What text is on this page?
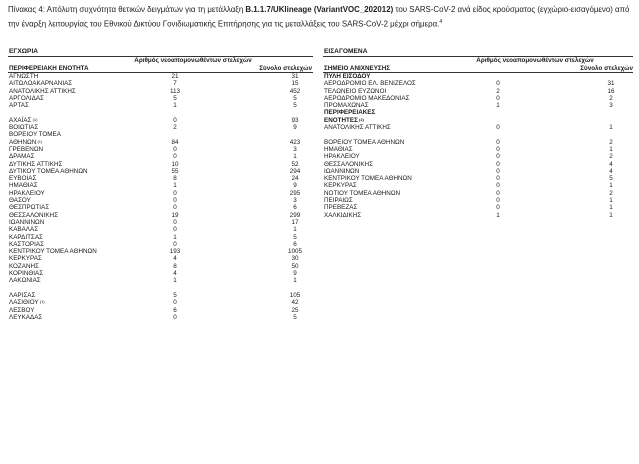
Πίνακας 4: Απόλυτη συχνότητα θετικών δειγμάτων για τη μετάλλαξη B.1.1.7/UKlineage (VariantVOC_202012) του SARS-CoV-2 ανά είδος κρούσματος (εγχώριο-εισαγόμενο) από την έναρξη λειτουργίας του Εθνικού Δικτύου Γονιδιωματικής Επιτήρησης για τις μεταλλάξεις του SARS-CoV-2 μέχρι σήμερα.$^4$

ΕΓΧΩΡΙΑ
ΠΕΡΙΦΕΡΕΙΑΚΗ ΕΝΟΤΗΤΑ
Αριθμός νεοαπομονωθέντων στελεχών
Σύνολο στελεχών
ΑΓΝΩΣΤΗ	21	31
ΑΙΤΩΛΟΑΚΑΡΝΑΝΙΑΣ	7	15
ΑΝΑΤΟΛΙΚΗΣ ΑΤΤΙΚΗΣ	113	452
ΑΡΓΟΛΙΔΑΣ	5	5
ΑΡΤΑΣ	1	5
ΑΧΑΪΑΣ $^{(1)}$	0	93
ΒΟΙΩΤΙΑΣ	2	9
ΒΟΡΕΙΟΥ ΤΟΜΕΑ
ΑΘΗΝΩΝ $^{(1)}$	84	423
ΓΡΕΒΕΝΩΝ	0	3
ΔΡΑΜΑΣ	0	1
ΔΥΤΙΚΗΣ ΑΤΤΙΚΗΣ	10	52
ΔΥΤΙΚΟΥ ΤΟΜΕΑ ΑΘΗΝΩΝ	55	294
ΕΥΒΟΙΑΣ	8	24
ΗΜΑΘΙΑΣ	1	9
ΗΡΑΚΛΕΙΟΥ	0	295
ΘΑΣΟΥ	0	3
ΘΕΣΠΡΩΤΙΑΣ	0	6
ΘΕΣΣΑΛΟΝΙΚΗΣ	19	299
ΙΩΑΝΝΙΝΩΝ	0	17
ΚΑΒΑΛΑΣ	0	1
ΚΑΡΔΙΤΣΑΣ	1	5
ΚΑΣΤΟΡΙΑΣ	0	6
ΚΕΝΤΡΙΚΟΥ ΤΟΜΕΑ ΑΘΗΝΩΝ	193	1005
ΚΕΡΚΥΡΑΣ	4	30
ΚΟΖΑΝΗΣ	8	50
ΚΟΡΙΝΘΙΑΣ	4	9
ΛΑΚΩΝΙΑΣ	1	1
ΛΑΡΙΣΑΣ	5	105
ΛΑΣΙΘΙΟΥ $^{(1)}$	0	42
ΛΕΣΒΟΥ	6	25
ΛΕΥΚΑΔΑΣ	0	5
ΕΙΣΑΓΟΜΕΝΑ
ΣΗΜΕΙΟ ΑΝΙΧΝΕΥΣΗΣ
Αριθμός νεοαπομονωθέντων στελεχών
Σύνολο στελεχών
ΠΥΛΗ ΕΙΣΟΔΟΥ
ΑΕΡΟΔΡΟΜΙΟ ΕΛ. ΒΕΝΙΖΕΛΟΣ	0	31
ΤΕΛΩΝΕΙΟ ΕΥΖΩΝΟΙ	2	16
ΑΕΡΟΔΡΟΜΙΟ ΜΑΚΕΔΟΝΙΑΣ	0	2
ΠΡΟΜΑΧΩΝΑΣ	1	3
ΠΕΡΙΦΕΡΕΙΑΚΕΣ
ΕΝΟΤΗΤΕΣ $^{(2)}$
ΑΝΑΤΟΛΙΚΗΣ ΑΤΤΙΚΗΣ	0	1
ΒΟΡΕΙΟΥ ΤΟΜΕΑ ΑΘΗΝΩΝ	0	2
ΗΜΑΘΙΑΣ	0	1
ΗΡΑΚΛΕΙΟΥ	0	2
ΘΕΣΣΑΛΟΝΙΚΗΣ	0	4
ΙΩΑΝΝΙΝΩΝ	0	4
ΚΕΝΤΡΙΚΟΥ ΤΟΜΕΑ ΑΘΗΝΩΝ	0	5
ΚΕΡΚΥΡΑΣ	0	1
ΝΟΤΙΟΥ ΤΟΜΕΑ ΑΘΗΝΩΝ	0	2
ΠΕΙΡΑΙΩΣ	0	1
ΠΡΕΒΕΖΑΣ	0	1
ΧΑΛΚΙΔΙΚΗΣ	1	1
